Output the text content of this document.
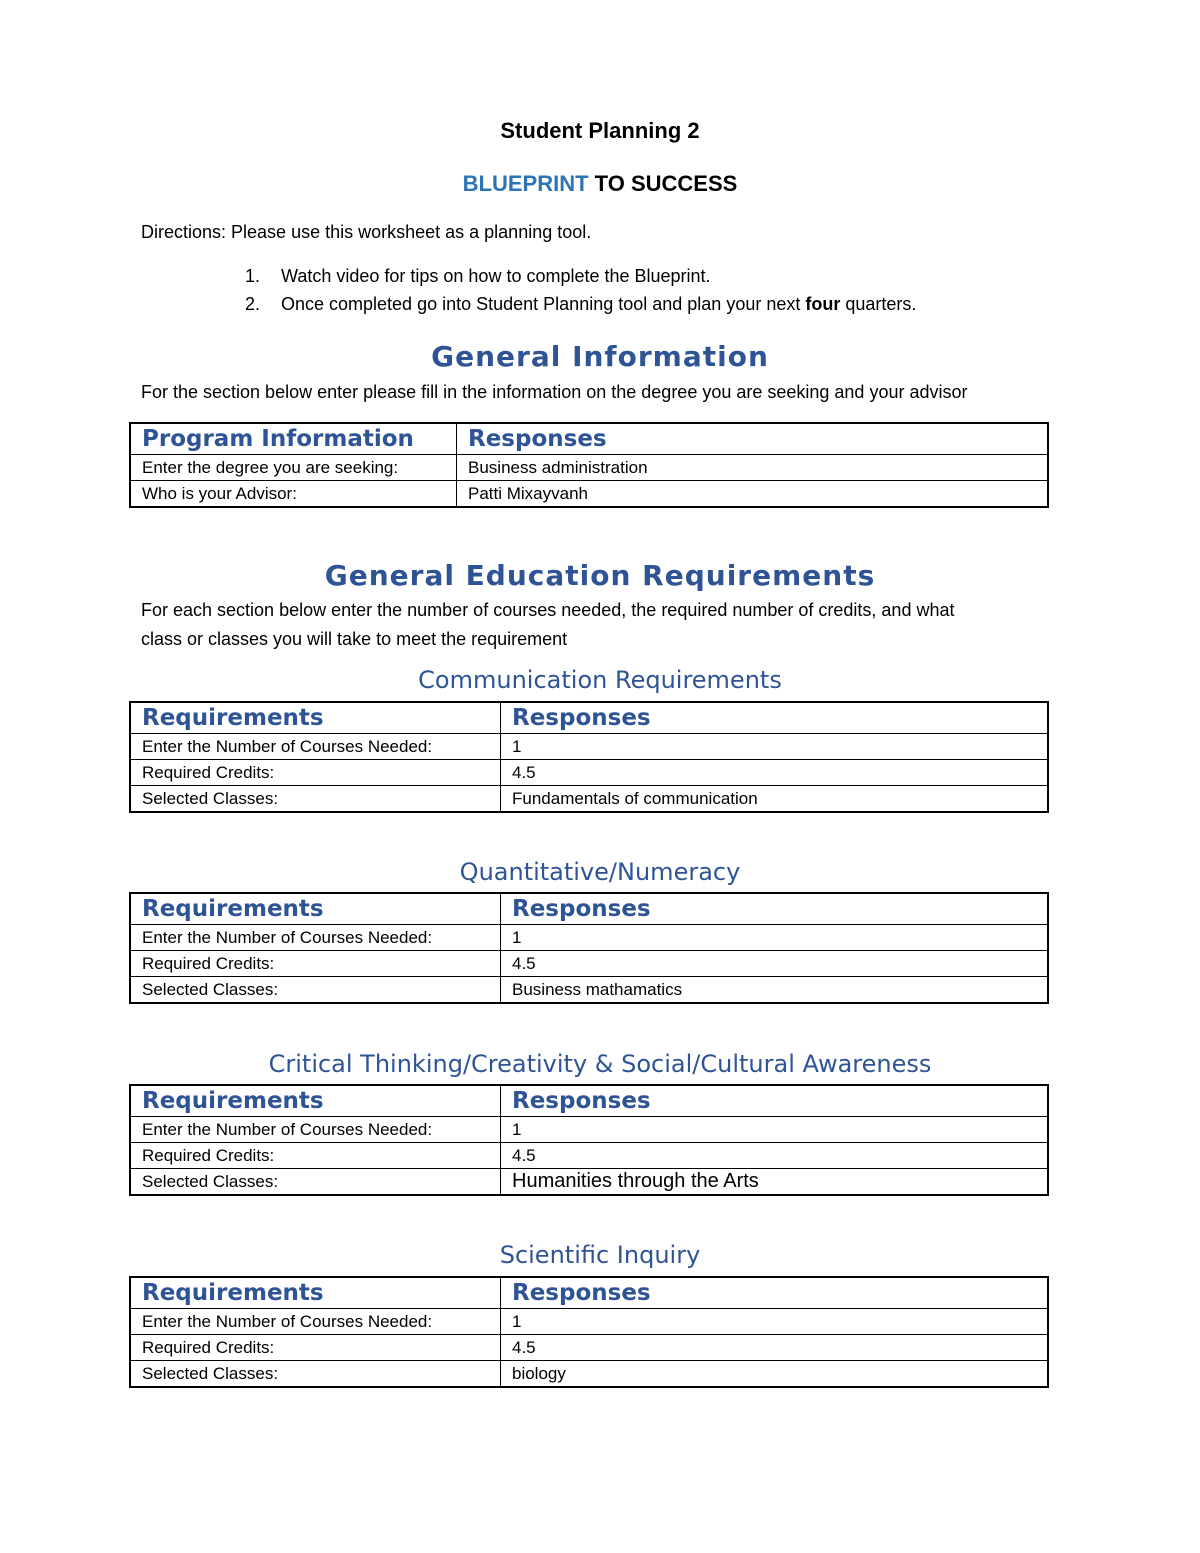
Student Planning 2
BLUEPRINT TO SUCCESS
Directions: Please use this worksheet as a planning tool.
1. Watch video for tips on how to complete the Blueprint.
2. Once completed go into Student Planning tool and plan your next four quarters.
General Information
For the section below enter please fill in the information on the degree you are seeking and your advisor
Program Information	Responses
Enter the degree you are seeking:	Business administration
Who is your Advisor:	Patti Mixayvanh
General Education Requirements
For each section below enter the number of courses needed, the required number of credits, and what
class or classes you will take to meet the requirement
Communication Requirements
Requirements	Responses
Enter the Number of Courses Needed:	1
Required Credits:	4.5
Selected Classes:	Fundamentals of communication
Quantitative/Numeracy
Requirements	Responses
Enter the Number of Courses Needed:	1
Required Credits:	4.5
Selected Classes:	Business mathamatics
Critical Thinking/Creativity & Social/Cultural Awareness
Requirements	Responses
Enter the Number of Courses Needed:	1
Required Credits:	4.5
Selected Classes:	Humanities through the Arts
Scientific Inquiry
Requirements	Responses
Enter the Number of Courses Needed:	1
Required Credits:	4.5
Selected Classes:	biology
